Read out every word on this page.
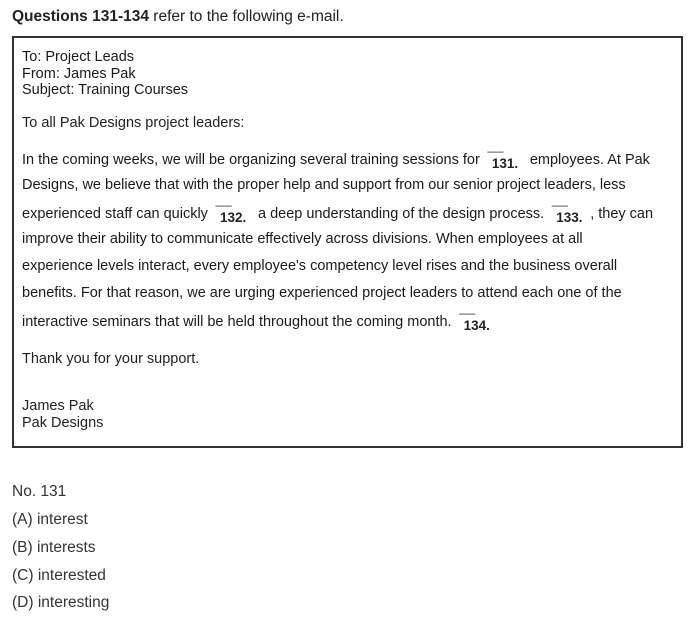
Questions 131-134 refer to the following e-mail.
To: Project Leads
From: James Pak
Subject: Training Courses
To all Pak Designs project leaders:
In the coming weeks, we will be organizing several training sessions for -------
131. employees. At Pak
Designs, we believe that with the proper help and support from our senior project leaders, less
experienced staff can quickly -------
132. a deep understanding of the design process. -------
133. , they can
improve their ability to communicate effectively across divisions. When employees at all
experience levels interact, every employee's competency level rises and the business overall
benefits. For that reason, we are urging experienced project leaders to attend each one of the
interactive seminars that will be held throughout the coming month. -------
134.
Thank you for your support.
James Pak
Pak Designs
No. 131
(A) interest
(B) interests
(C) interested
(D) interesting
